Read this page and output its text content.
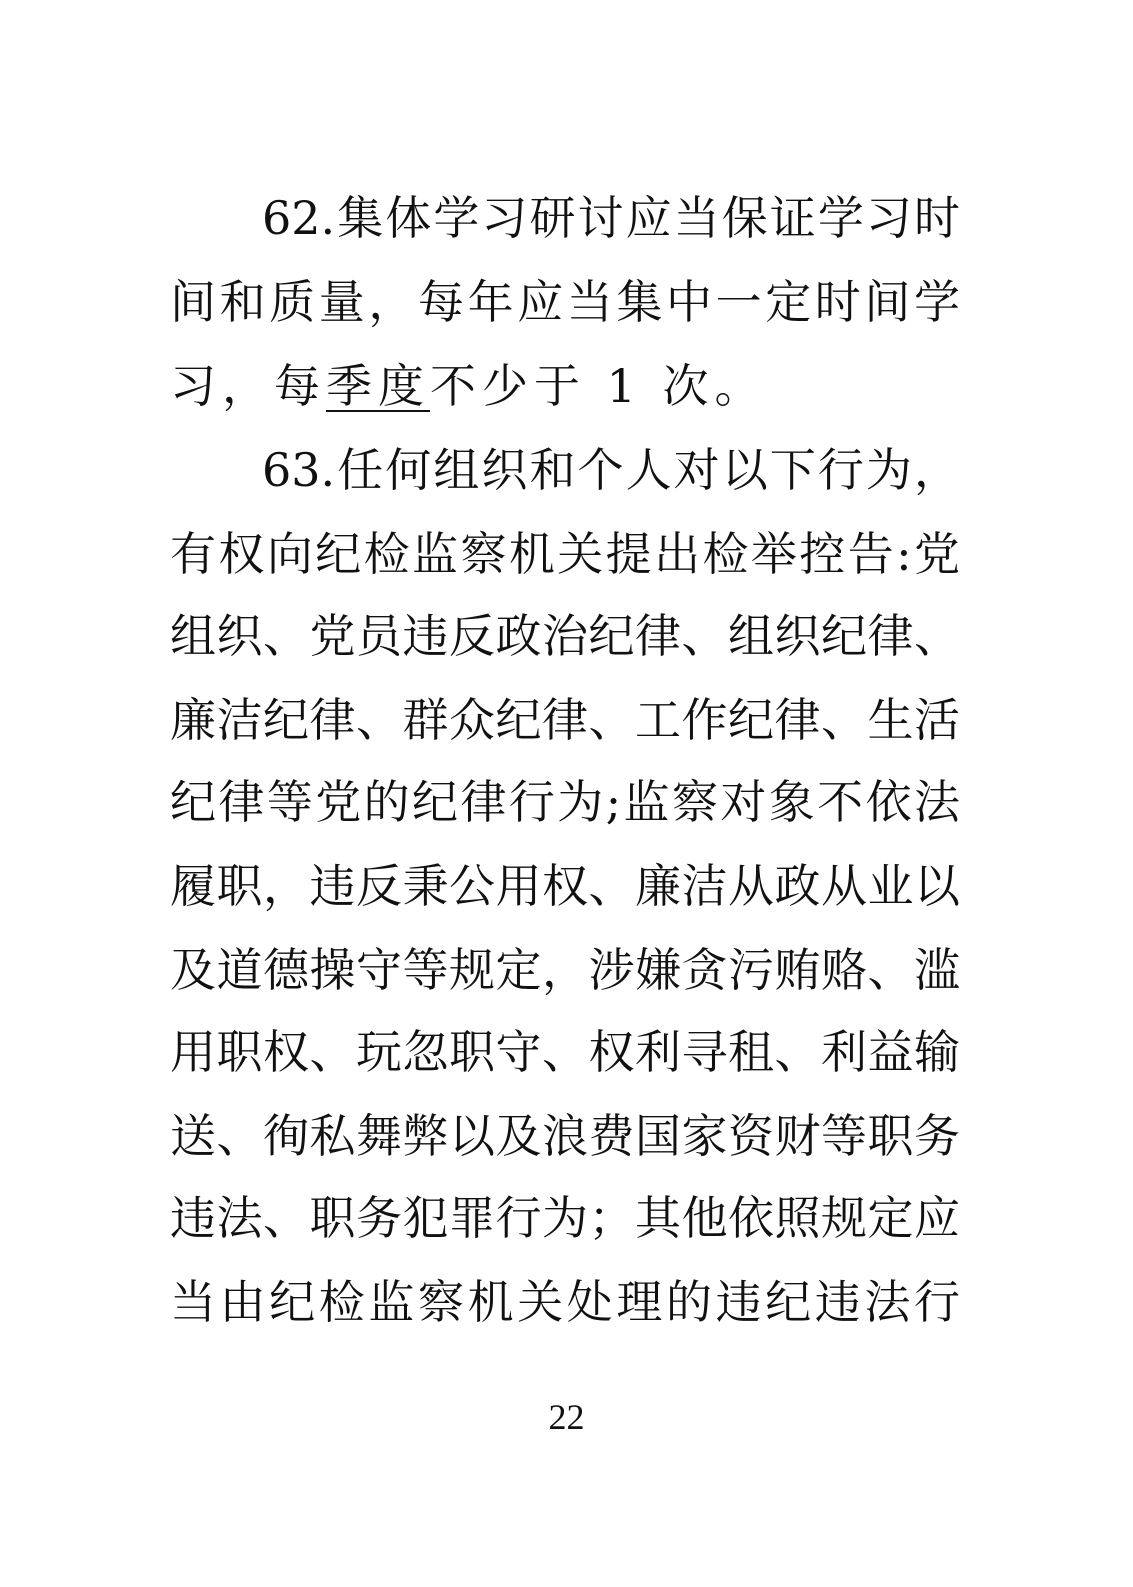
62.集体学习研讨应当保证学习时
间和质量，每年应当集中一定时间学
习，每季度不少于 1 次。
63.任何组织和个人对以下行为，
有权向纪检监察机关提出检举控告:党
组织、党员违反政治纪律、组织纪律、
廉洁纪律、群众纪律、工作纪律、生活
纪律等党的纪律行为;监察对象不依法
履职，违反秉公用权、廉洁从政从业以
及道德操守等规定，涉嫌贪污贿赂、滥
用职权、玩忽职守、权利寻租、利益输
送、徇私舞弊以及浪费国家资财等职务
违法、职务犯罪行为；其他依照规定应
当由纪检监察机关处理的违纪违法行
22
